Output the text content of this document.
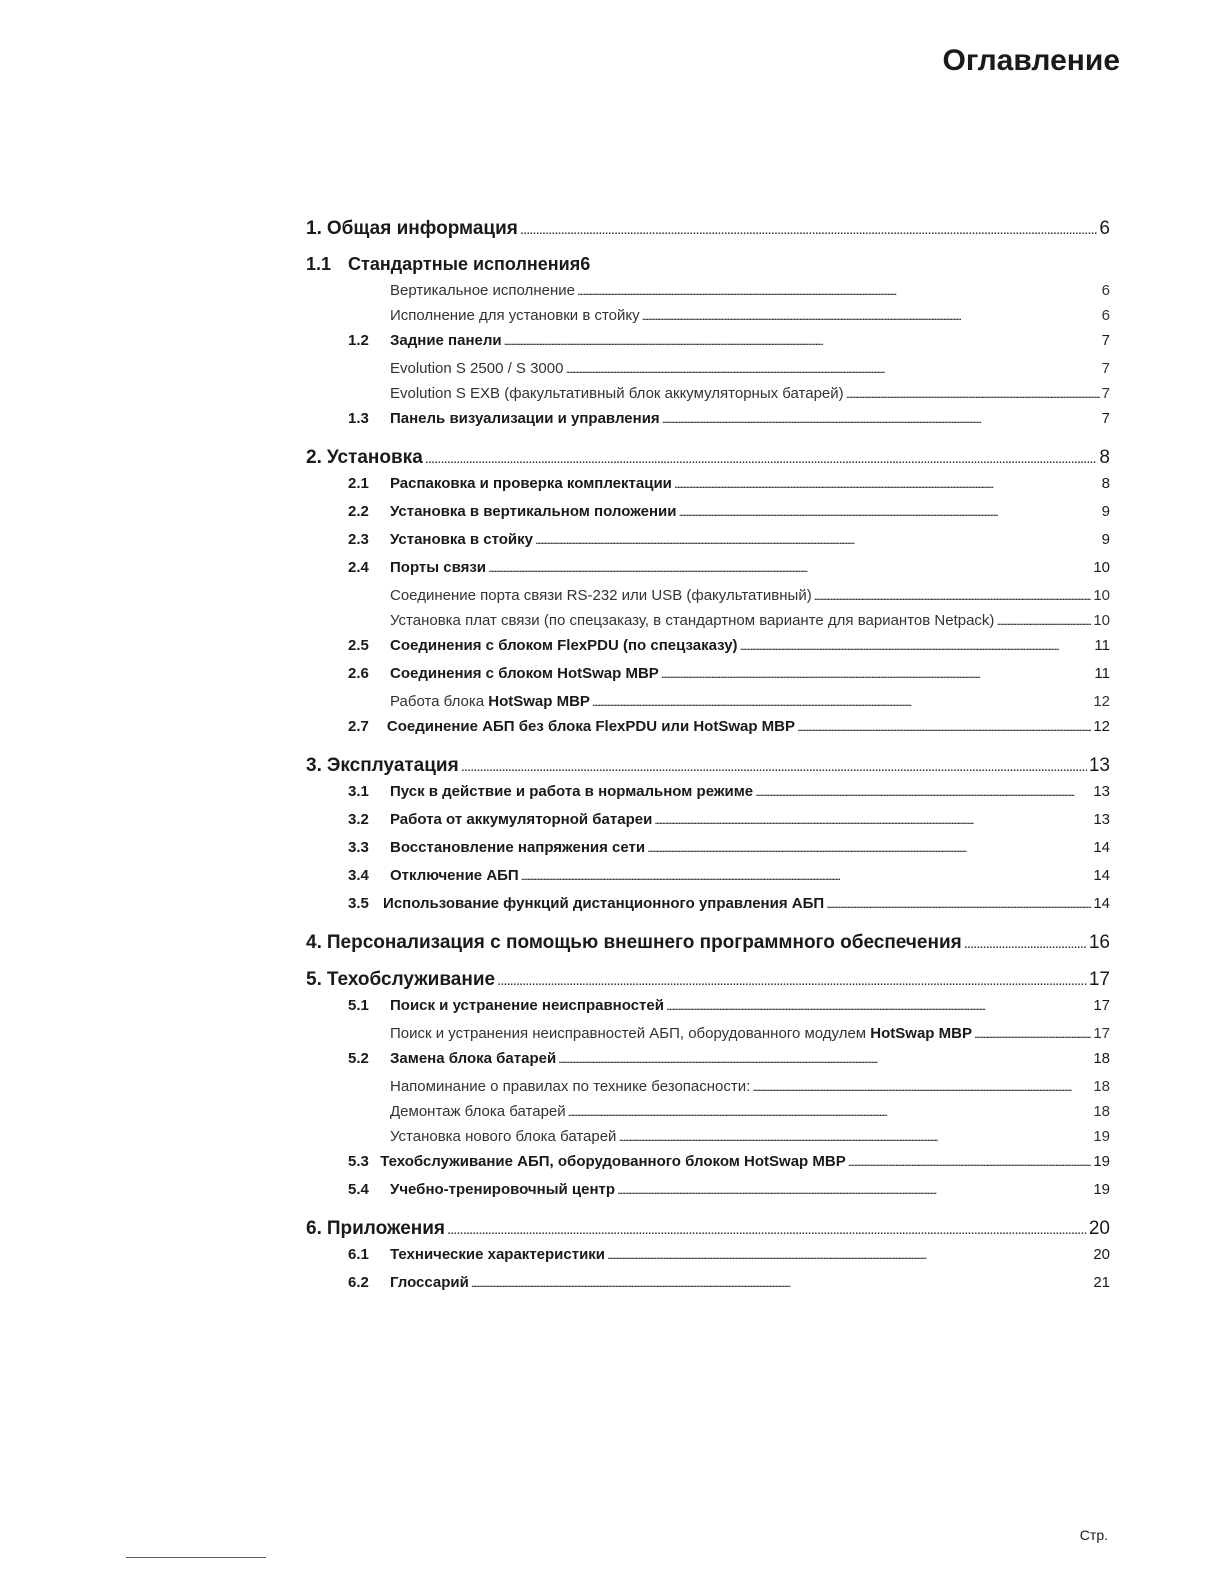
Оглавление
1. Общая информация . . .	6
1.1 Стандартные исполнения6
Вертикальное исполнение . . .	6
Исполнение для установки в стойку . . .	6
1.2	Задние панели . . .	7
Evolution S 2500 / S 3000 . . .	7
Evolution S EXB (факультативный блок аккумуляторных батарей) . . .	7
1.3	Панель визуализации и управления . . .	7
2. Установка . . .	8
2.1	Распаковка и проверка комплектации . . .	8
2.2	Установка в вертикальном положении . . .	9
2.3	Установка в стойку . . .	9
2.4	Порты связи . . .	10
Соединение порта связи RS-232 или USB (факультативный) . . .	10
Установка плат связи (по спецзаказу, в стандартном варианте для вариантов Netpack) . . .	10
2.5	Соединения с блоком FlexPDU (по спецзаказу) . . .	11
2.6	Соединения с блоком HotSwap MBP . . .	11
Работа блока HotSwap MBP . . .	12
2.7	Соединение АБП без блока FlexPDU или HotSwap MBP . . .	12
3. Эксплуатация . . .	13
3.1	Пуск в действие и работа в нормальном режиме . . .	13
3.2	Работа от аккумуляторной батареи . . .	13
3.3	Восстановление напряжения сети . . .	14
3.4	Отключение АБП . . .	14
3.5 Использование функций дистанционного управления АБП . . .	14
4. Персонализация с помощью внешнего программного обеспечения . . .	16
5. Техобслуживание . . .	17
5.1	Поиск и устранение неисправностей . . .	17
Поиск и устранения неисправностей АБП, оборудованного модулем HotSwap MBP . . .	17
5.2	Замена блока батарей . . .	18
Напоминание о правилах по технике безопасности: . . .	18
Демонтаж блока батарей . . .	18
Установка нового блока батарей . . .	19
5.3 Техобслуживание АБП, оборудованного блоком HotSwap MBP . . .	19
5.4	Учебно-тренировочный центр . . .	19
6. Приложения . . .	20
6.1	Технические характеристики . . .	20
6.2	Глоссарий . . .	21
Стр.
